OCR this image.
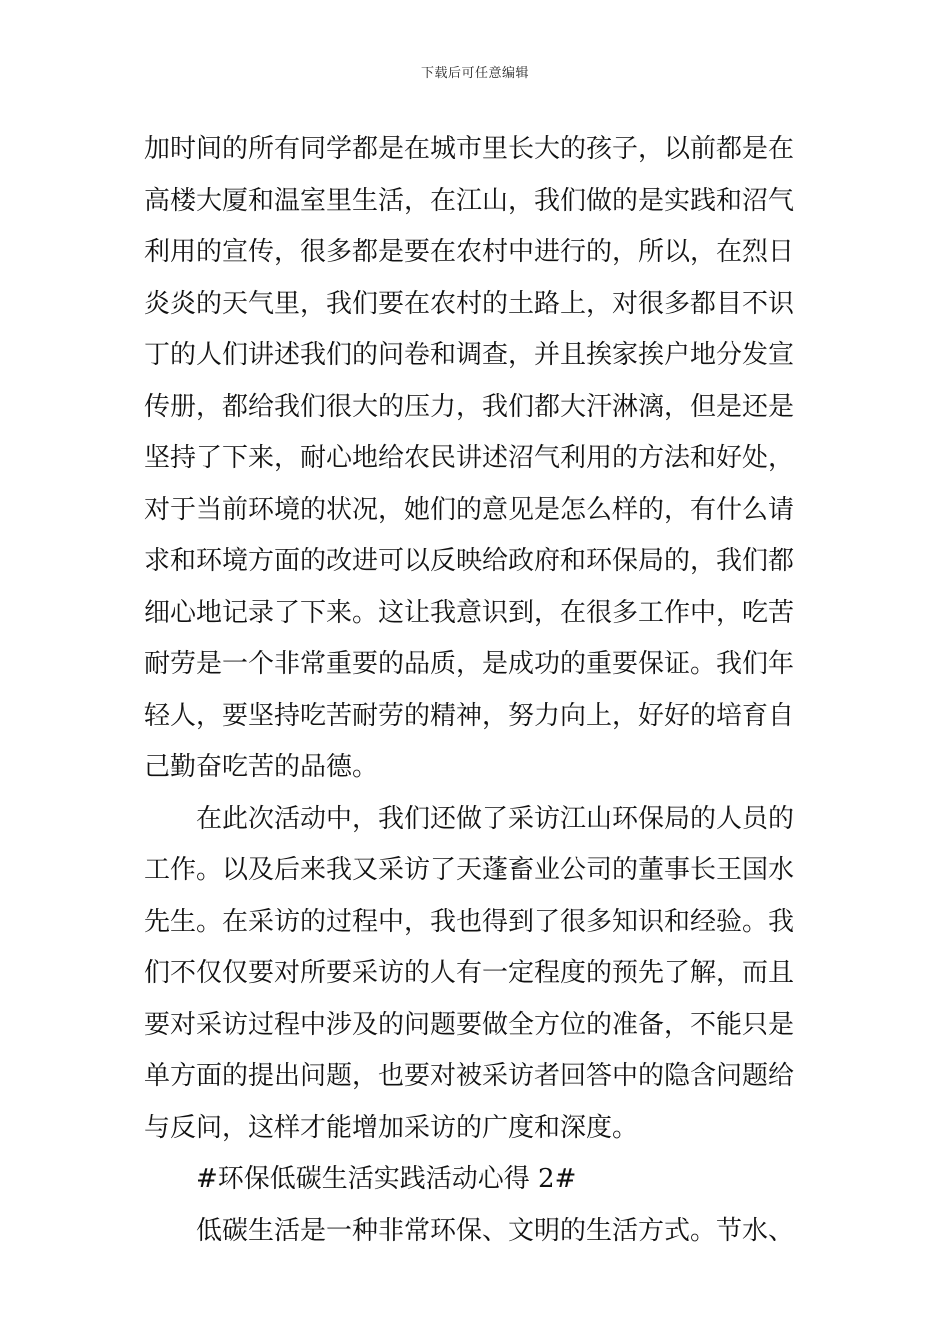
下载后可任意编辑
加时间的所有同学都是在城市里长大的孩子，以前都是在
高楼大厦和温室里生活，在江山，我们做的是实践和沼气
利用的宣传，很多都是要在农村中进行的，所以，在烈日
炎炎的天气里，我们要在农村的土路上，对很多都目不识
丁的人们讲述我们的问卷和调查，并且挨家挨户地分发宣
传册，都给我们很大的压力，我们都大汗淋漓，但是还是
坚持了下来，耐心地给农民讲述沼气利用的方法和好处，
对于当前环境的状况，她们的意见是怎么样的，有什么请
求和环境方面的改进可以反映给政府和环保局的，我们都
细心地记录了下来。这让我意识到，在很多工作中，吃苦
耐劳是一个非常重要的品质，是成功的重要保证。我们年
轻人，要坚持吃苦耐劳的精神，努力向上，好好的培育自
己勤奋吃苦的品德。
在此次活动中，我们还做了采访江山环保局的人员的
工作。以及后来我又采访了天蓬畜业公司的董事长王国水
先生。在采访的过程中，我也得到了很多知识和经验。我
们不仅仅要对所要采访的人有一定程度的预先了解，而且
要对采访过程中涉及的问题要做全方位的准备，不能只是
单方面的提出问题，也要对被采访者回答中的隐含问题给
与反问，这样才能增加采访的广度和深度。
#环保低碳生活实践活动心得 2#
低碳生活是一种非常环保、文明的生活方式。节水、
